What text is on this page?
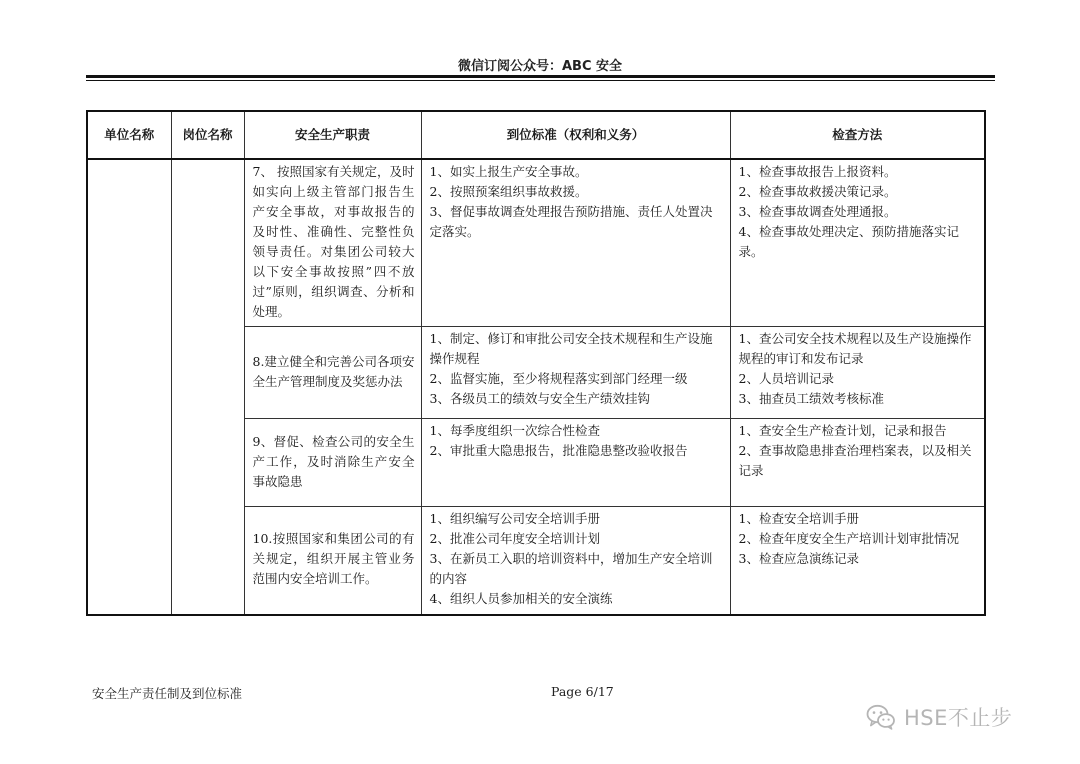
微信订阅公众号：ABC 安全
单位名称	岗位名称	安全生产职责	到位标准（权利和义务）	检查方法
		7、 按照国家有关规定，及时如实向上级主管部门报告生产安全事故，对事故报告的及时性、准确性、完整性负领导责任。对集团公司较大以下安全事故按照”四不放过”原则，组织调查、分析和处理。	1、如实上报生产安全事故。
2、按照预案组织事故救援。
3、督促事故调查处理报告预防措施、责任人处置决定落实。	1、检查事故报告上报资料。
2、检查事故救援决策记录。
3、检查事故调查处理通报。
4、检查事故处理决定、预防措施落实记录。

		8.建立健全和完善公司各项安全生产管理制度及奖惩办法	1、制定、修订和审批公司安全技术规程和生产设施操作规程
2、监督实施，至少将规程落实到部门经理一级
3、各级员工的绩效与安全生产绩效挂钩	1、查公司安全技术规程以及生产设施操作规程的审订和发布记录
2、人员培训记录
3、抽查员工绩效考核标准

		9、督促、检查公司的安全生产工作，及时消除生产安全事故隐患	1、每季度组织一次综合性检查
2、审批重大隐患报告，批准隐患整改验收报告	1、查安全生产检查计划，记录和报告
2、查事故隐患排查治理档案表，以及相关记录

		10.按照国家和集团公司的有关规定，组织开展主管业务范围内安全培训工作。	1、组织编写公司安全培训手册
2、批准公司年度安全培训计划
3、在新员工入职的培训资料中，增加生产安全培训的内容
4、组织人员参加相关的安全演练	1、检查安全培训手册
2、检查年度安全生产培训计划审批情况
3、检查应急演练记录
安全生产责任制及到位标准	Page 6/17
HSE不止步
